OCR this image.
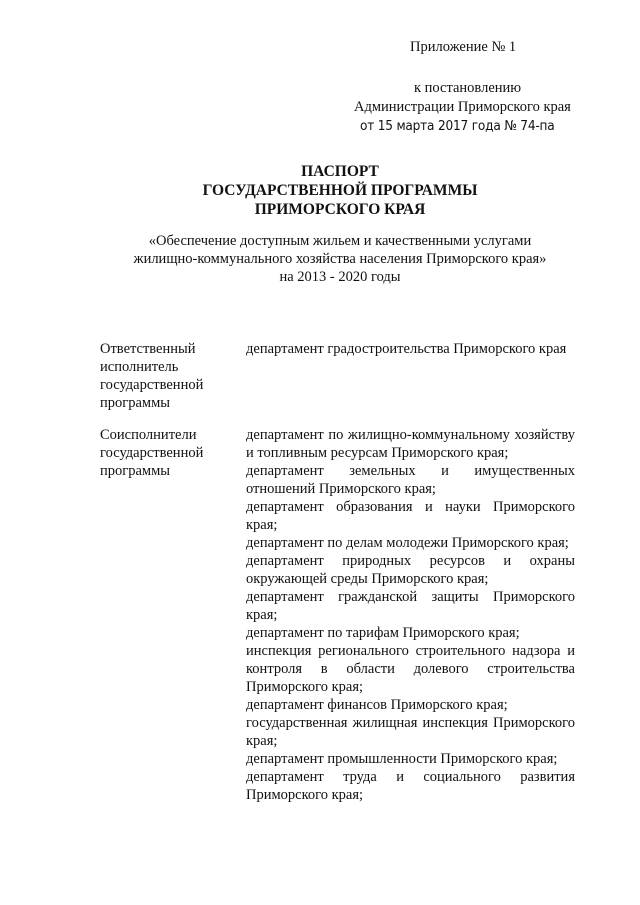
Приложение № 1
к постановлению
Администрации Приморского края
от 15 марта 2017 года № 74-па
ПАСПОРТ
ГОСУДАРСТВЕННОЙ ПРОГРАММЫ
ПРИМОРСКОГО КРАЯ
«Обеспечение доступным жильем и качественными услугами
жилищно-коммунального хозяйства населения Приморского края»
на 2013 - 2020 годы
Ответственный исполнитель государственной программы
департамент градостроительства Приморского края
Соисполнители государственной программы
департамент по жилищно-коммунальному хозяйству и топливным ресурсам Приморского края;
департамент земельных и имущественных отношений Приморского края;
департамент образования и науки Приморского края;
департамент по делам молодежи Приморского края;
департамент природных ресурсов и охраны окружающей среды Приморского края;
департамент гражданской защиты Приморского края;
департамент по тарифам Приморского края;
инспекция регионального строительного надзора и контроля в области долевого строительства Приморского края;
департамент финансов Приморского края;
государственная жилищная инспекция Приморского края;
департамент промышленности Приморского края;
департамент труда и социального развития Приморского края;
